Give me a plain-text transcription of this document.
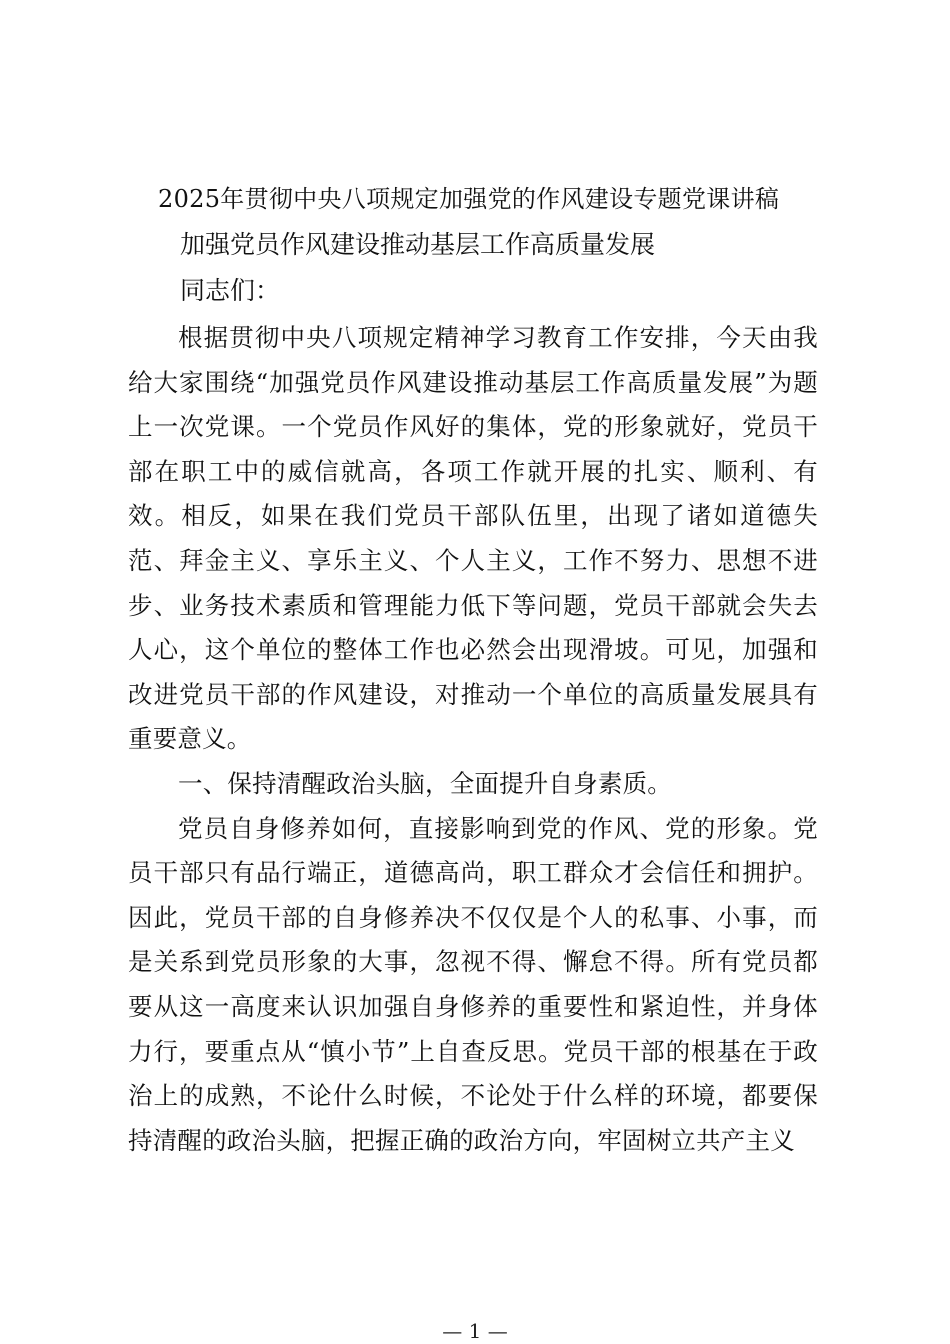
2025年贯彻中央八项规定加强党的作风建设专题党课讲稿
加强党员作风建设推动基层工作高质量发展
同志们：

根据贯彻中央八项规定精神学习教育工作安排，今天由我给大家围绕“加强党员作风建设推动基层工作高质量发展”为题上一次党课。一个党员作风好的集体，党的形象就好，党员干部在职工中的威信就高，各项工作就开展的扎实、顺利、有效。相反，如果在我们党员干部队伍里，出现了诸如道德失范、拜金主义、享乐主义、个人主义，工作不努力、思想不进步、业务技术素质和管理能力低下等问题，党员干部就会失去人心，这个单位的整体工作也必然会出现滑坡。可见，加强和改进党员干部的作风建设，对推动一个单位的高质量发展具有重要意义。

一、保持清醒政治头脑，全面提升自身素质。

党员自身修养如何，直接影响到党的作风、党的形象。党员干部只有品行端正，道德高尚，职工群众才会信任和拥护。因此，党员干部的自身修养决不仅仅是个人的私事、小事，而是关系到党员形象的大事，忽视不得、懈怠不得。所有党员都要从这一高度来认识加强自身修养的重要性和紧迫性，并身体力行，要重点从“慎小节”上自查反思。党员干部的根基在于政治上的成熟，不论什么时候，不论处于什么样的环境，都要保持清醒的政治头脑，把握正确的政治方向，牢固树立共产主义

— 1 —
